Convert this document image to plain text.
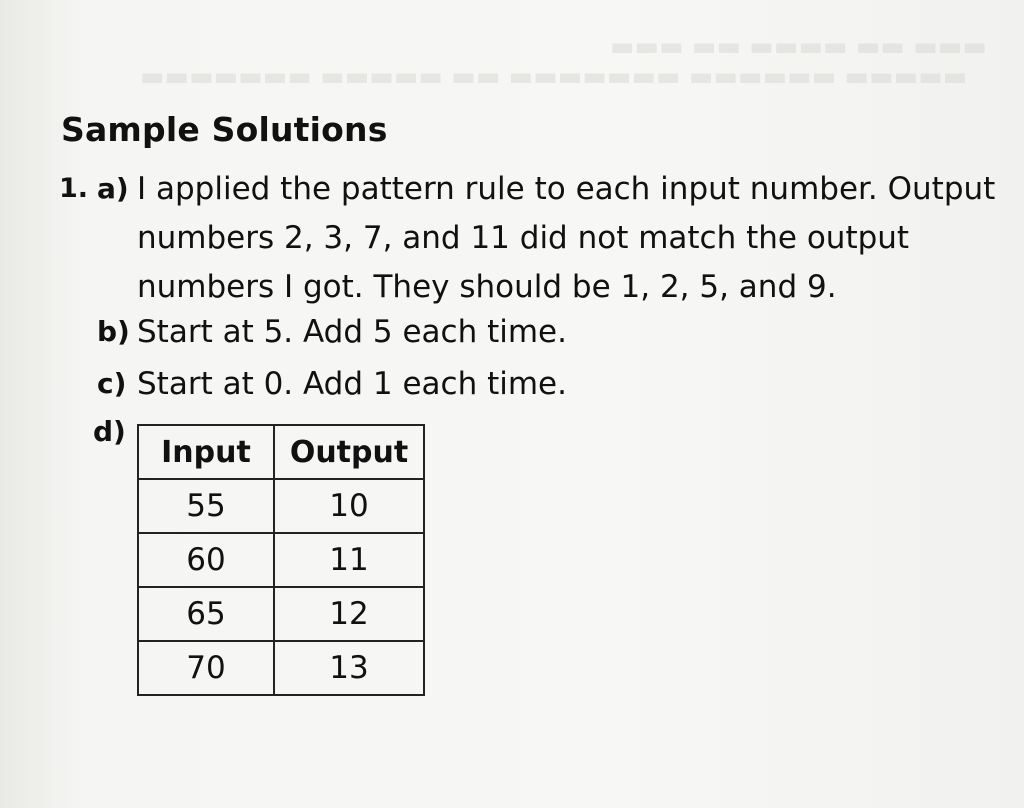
▬▬▬ ▬▬ ▬▬▬▬ ▬▬ ▬▬▬
▬▬▬▬▬ ▬▬▬▬▬▬ ▬▬▬▬▬▬▬ ▬▬ ▬▬▬▬▬ ▬▬▬▬▬▬▬
Sample Solutions
1. a) I applied the pattern rule to each input number. Output
numbers 2, 3, 7, and 11 did not match the output
numbers I got. They should be 1, 2, 5, and 9.
b) Start at 5. Add 5 each time.
c) Start at 0. Add 1 each time.
d)
Input	Output
55	10
60	11
65	12
70	13
